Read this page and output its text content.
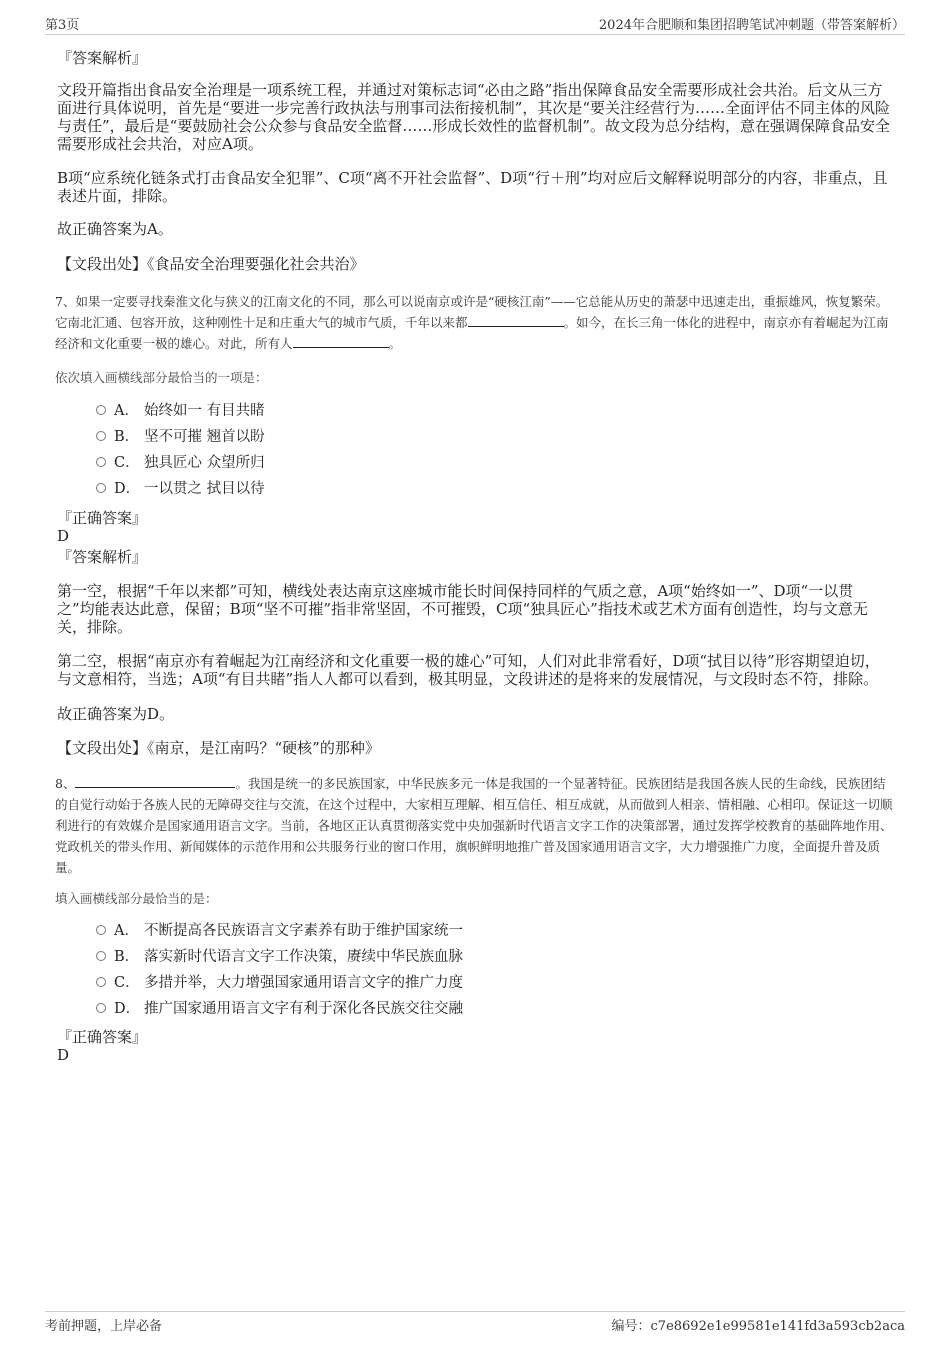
第3页	2024年合肥顺和集团招聘笔试冲刺题（带答案解析）
『答案解析』
文段开篇指出食品安全治理是一项系统工程，并通过对策标志词“必由之路”指出保障食品安全需要形成社会共治。后文从三方面进行具体说明，首先是“要进一步完善行政执法与刑事司法衔接机制”，其次是“要关注经营行为……全面评估不同主体的风险与责任”，最后是“要鼓励社会公众参与食品安全监督……形成长效性的监督机制”。故文段为总分结构，意在强调保障食品安全需要形成社会共治，对应A项。
B项“应系统化链条式打击食品安全犯罪”、C项“离不开社会监督”、D项“行＋刑”均对应后文解释说明部分的内容，非重点，且表述片面，排除。
故正确答案为A。
【文段出处】《食品安全治理要强化社会共治》
7、如果一定要寻找秦淮文化与狭义的江南文化的不同，那么可以说南京或许是“硬核江南”——它总能从历史的萧瑟中迅速走出，重振雄风，恢复繁荣。它南北汇通、包容开放，这种刚性十足和庄重大气的城市气质，千年以来都	。如今，在长三角一体化的进程中，南京亦有着崛起为江南经济和文化重要一极的雄心。对此，所有人	。
依次填入画横线部分最恰当的一项是：
A． 始终如一 有目共睹
B． 坚不可摧 翘首以盼
C． 独具匠心 众望所归
D． 一以贯之 拭目以待
『正确答案』
D
『答案解析』
第一空，根据“千年以来都”可知，横线处表达南京这座城市能长时间保持同样的气质之意，A项“始终如一”、D项“一以贯之”均能表达此意，保留；B项“坚不可摧”指非常坚固，不可摧毁，C项“独具匠心”指技术或艺术方面有创造性，均与文意无关，排除。
第二空，根据“南京亦有着崛起为江南经济和文化重要一极的雄心”可知，人们对此非常看好，D项“拭目以待”形容期望迫切，与文意相符，当选；A项“有目共睹”指人人都可以看到，极其明显，文段讲述的是将来的发展情况，与文段时态不符，排除。
故正确答案为D。
【文段出处】《南京，是江南吗？“硬核”的那种》
8、	。我国是统一的多民族国家，中华民族多元一体是我国的一个显著特征。民族团结是我国各族人民的生命线，民族团结的自觉行动始于各族人民的无障碍交往与交流，在这个过程中，大家相互理解、相互信任、相互成就，从而做到人相亲、情相融、心相印。保证这一切顺利进行的有效媒介是国家通用语言文字。当前，各地区正认真贯彻落实党中央加强新时代语言文字工作的决策部署，通过发挥学校教育的基础阵地作用、党政机关的带头作用、新闻媒体的示范作用和公共服务行业的窗口作用，旗帜鲜明地推广普及国家通用语言文字，大力增强推广力度，全面提升普及质量。
填入画横线部分最恰当的是：
A． 不断提高各民族语言文字素养有助于维护国家统一
B． 落实新时代语言文字工作决策，赓续中华民族血脉
C． 多措并举，大力增强国家通用语言文字的推广力度
D． 推广国家通用语言文字有利于深化各民族交往交融
『正确答案』
D
考前押题，上岸必备	编号：c7e8692e1e99581e141fd3a593cb2aca
